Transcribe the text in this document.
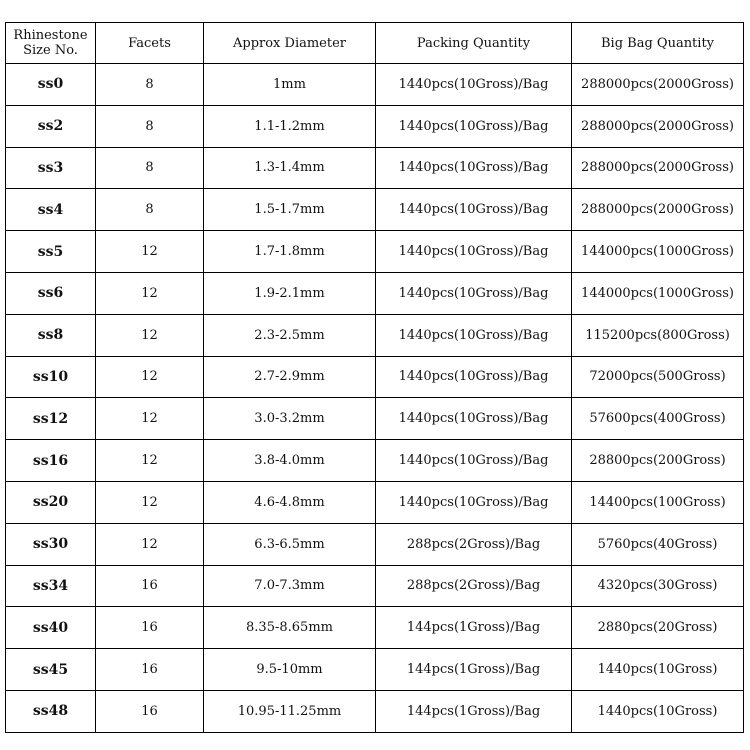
Rhinestone Size No.	Facets	Approx Diameter	Packing Quantity	Big Bag Quantity
ss0	8	1mm	1440pcs(10Gross)/Bag	288000pcs(2000Gross)
ss2	8	1.1-1.2mm	1440pcs(10Gross)/Bag	288000pcs(2000Gross)
ss3	8	1.3-1.4mm	1440pcs(10Gross)/Bag	288000pcs(2000Gross)
ss4	8	1.5-1.7mm	1440pcs(10Gross)/Bag	288000pcs(2000Gross)
ss5	12	1.7-1.8mm	1440pcs(10Gross)/Bag	144000pcs(1000Gross)
ss6	12	1.9-2.1mm	1440pcs(10Gross)/Bag	144000pcs(1000Gross)
ss8	12	2.3-2.5mm	1440pcs(10Gross)/Bag	115200pcs(800Gross)
ss10	12	2.7-2.9mm	1440pcs(10Gross)/Bag	72000pcs(500Gross)
ss12	12	3.0-3.2mm	1440pcs(10Gross)/Bag	57600pcs(400Gross)
ss16	12	3.8-4.0mm	1440pcs(10Gross)/Bag	28800pcs(200Gross)
ss20	12	4.6-4.8mm	1440pcs(10Gross)/Bag	14400pcs(100Gross)
ss30	12	6.3-6.5mm	288pcs(2Gross)/Bag	5760pcs(40Gross)
ss34	16	7.0-7.3mm	288pcs(2Gross)/Bag	4320pcs(30Gross)
ss40	16	8.35-8.65mm	144pcs(1Gross)/Bag	2880pcs(20Gross)
ss45	16	9.5-10mm	144pcs(1Gross)/Bag	1440pcs(10Gross)
ss48	16	10.95-11.25mm	144pcs(1Gross)/Bag	1440pcs(10Gross)
